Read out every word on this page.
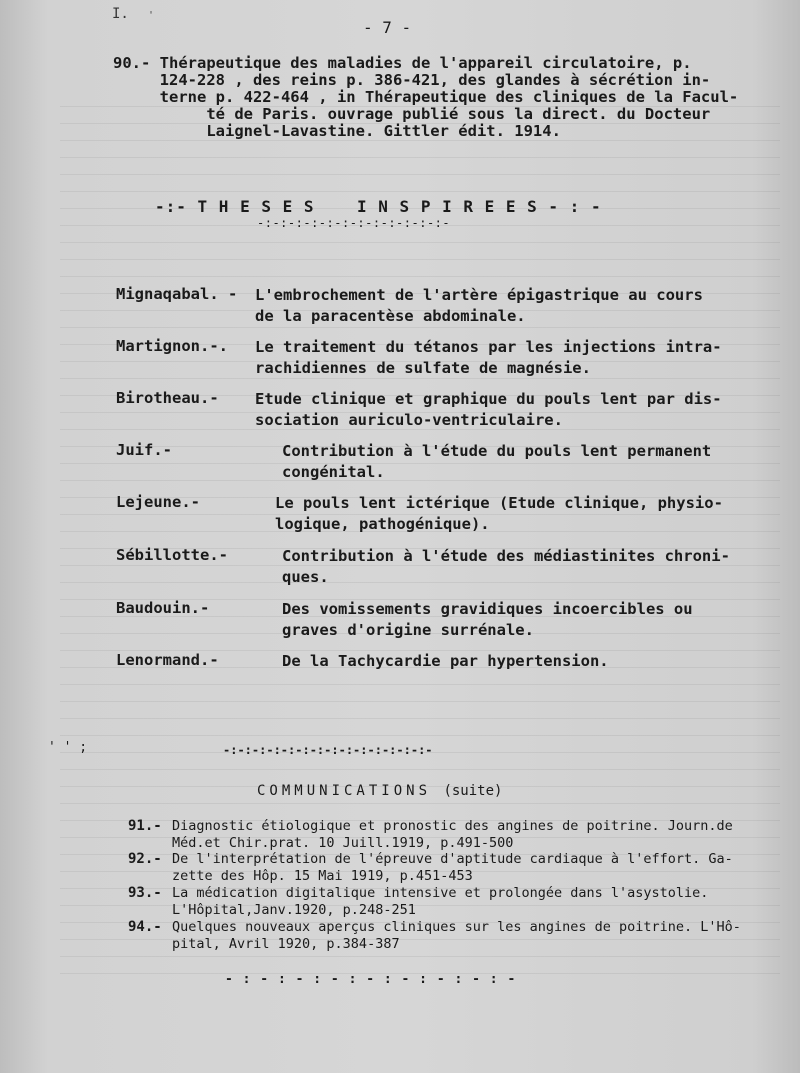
I. '
- 7 -
90.- Thérapeutique des maladies de l'appareil circulatoire, p.
124-228 , des reins p. 386-421, des glandes à sécrétion in-
terne p. 422-464 , in Thérapeutique des cliniques de la Facul-
té de Paris. ouvrage publié sous la direct. du Docteur
Laignel-Lavastine. Gittler édit. 1914.
-:- T H E S E S    I N S P I R E E S - : -
-:-:-:-:-:-:-:-:-:-:-:-:-
Mignaqabal. - L'embrochement de l'artère épigastrique au cours
de la paracentèse abdominale.
Martignon.-. Le traitement du tétanos par les injections intra-
rachidiennes de sulfate de magnésie.
Birotheau.- Etude clinique et graphique du pouls lent par dis-
sociation auriculo-ventriculaire.
Juif.-	Contribution à l'étude du pouls lent permanent
congénital.
Lejeune.-	Le pouls lent ictérique (Etude clinique, physio-
logique, pathogénique).
Sébillotte.-	Contribution à l'étude des médiastinites chroni-
ques.
Baudouin.-	Des vomissements gravidiques incoercibles ou
graves d'origine surrénale.
Lenormand.-	De la Tachycardie par hypertension.
' ' ;	-:-:-:-:-:-:-:-:-:-:-:-:-:-:-
COMMUNICATIONS (suite)
91.- Diagnostic étiologique et pronostic des angines de poitrine. Journ.de
Méd.et Chir.prat. 10 Juill.1919, p.491-500
92.- De l'interprétation de l'épreuve d'aptitude cardiaque à l'effort. Ga-
zette des Hôp. 15 Mai 1919, p.451-453
93.- La médication digitalique intensive et prolongée dans l'asystolie.
L'Hôpital,Janv.1920, p.248-251
94.- Quelques nouveaux aperçus cliniques sur les angines de poitrine. L'Hô-
pital, Avril 1920, p.384-387
- : - : - : - : - : - : - : - : -
